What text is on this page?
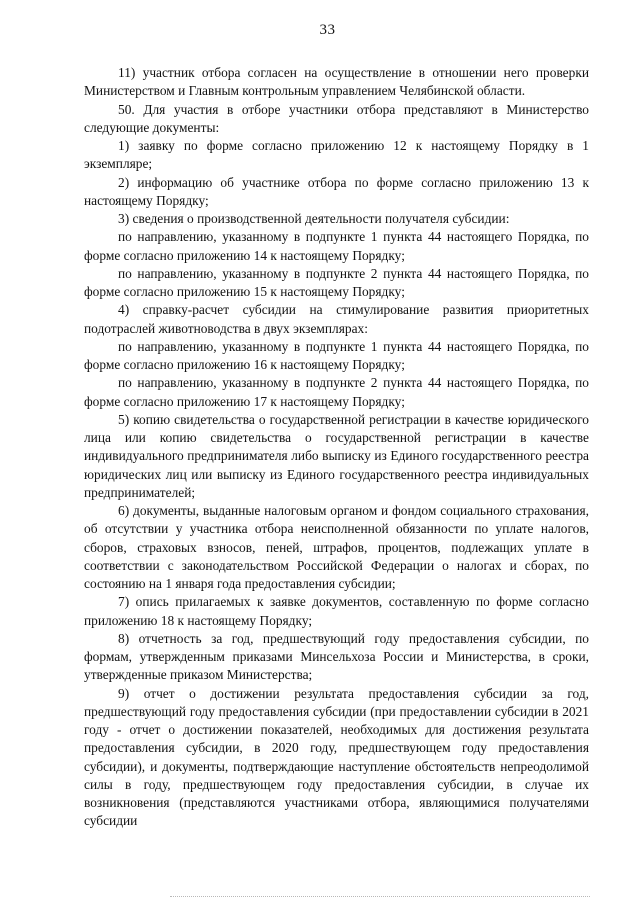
33

11) участник отбора согласен на осуществление в отношении него проверки Министерством и Главным контрольным управлением Челябинской области.

50. Для участия в отборе участники отбора представляют в Министерство следующие документы:

1) заявку по форме согласно приложению 12 к настоящему Порядку в 1 экземпляре;

2) информацию об участнике отбора по форме согласно приложению 13 к настоящему Порядку;

3) сведения о производственной деятельности получателя субсидии:

по направлению, указанному в подпункте 1 пункта 44 настоящего Порядка, по форме согласно приложению 14 к настоящему Порядку;

по направлению, указанному в подпункте 2 пункта 44 настоящего Порядка, по форме согласно приложению 15 к настоящему Порядку;

4) справку-расчет субсидии на стимулирование развития приоритетных подотраслей животноводства в двух экземплярах:

по направлению, указанному в подпункте 1 пункта 44 настоящего Порядка, по форме согласно приложению 16 к настоящему Порядку;

по направлению, указанному в подпункте 2 пункта 44 настоящего Порядка, по форме согласно приложению 17 к настоящему Порядку;

5) копию свидетельства о государственной регистрации в качестве юридического лица или копию свидетельства о государственной регистрации в качестве индивидуального предпринимателя либо выписку из Единого государственного реестра юридических лиц или выписку из Единого государственного реестра индивидуальных предпринимателей;

6) документы, выданные налоговым органом и фондом социального страхования, об отсутствии у участника отбора неисполненной обязанности по уплате налогов, сборов, страховых взносов, пеней, штрафов, процентов, подлежащих уплате в соответствии с законодательством Российской Федерации о налогах и сборах, по состоянию на 1 января года предоставления субсидии;

7) опись прилагаемых к заявке документов, составленную по форме согласно приложению 18 к настоящему Порядку;

8) отчетность за год, предшествующий году предоставления субсидии, по формам, утвержденным приказами Минсельхоза России и Министерства, в сроки, утвержденные приказом Министерства;

9) отчет о достижении результата предоставления субсидии за год, предшествующий году предоставления субсидии (при предоставлении субсидии в 2021 году - отчет о достижении показателей, необходимых для достижения результата предоставления субсидии, в 2020 году, предшествующем году предоставления субсидии), и документы, подтверждающие наступление обстоятельств непреодолимой силы в году, предшествующем году предоставления субсидии, в случае их возникновения (представляются участниками отбора, являющимися получателями субсидии
